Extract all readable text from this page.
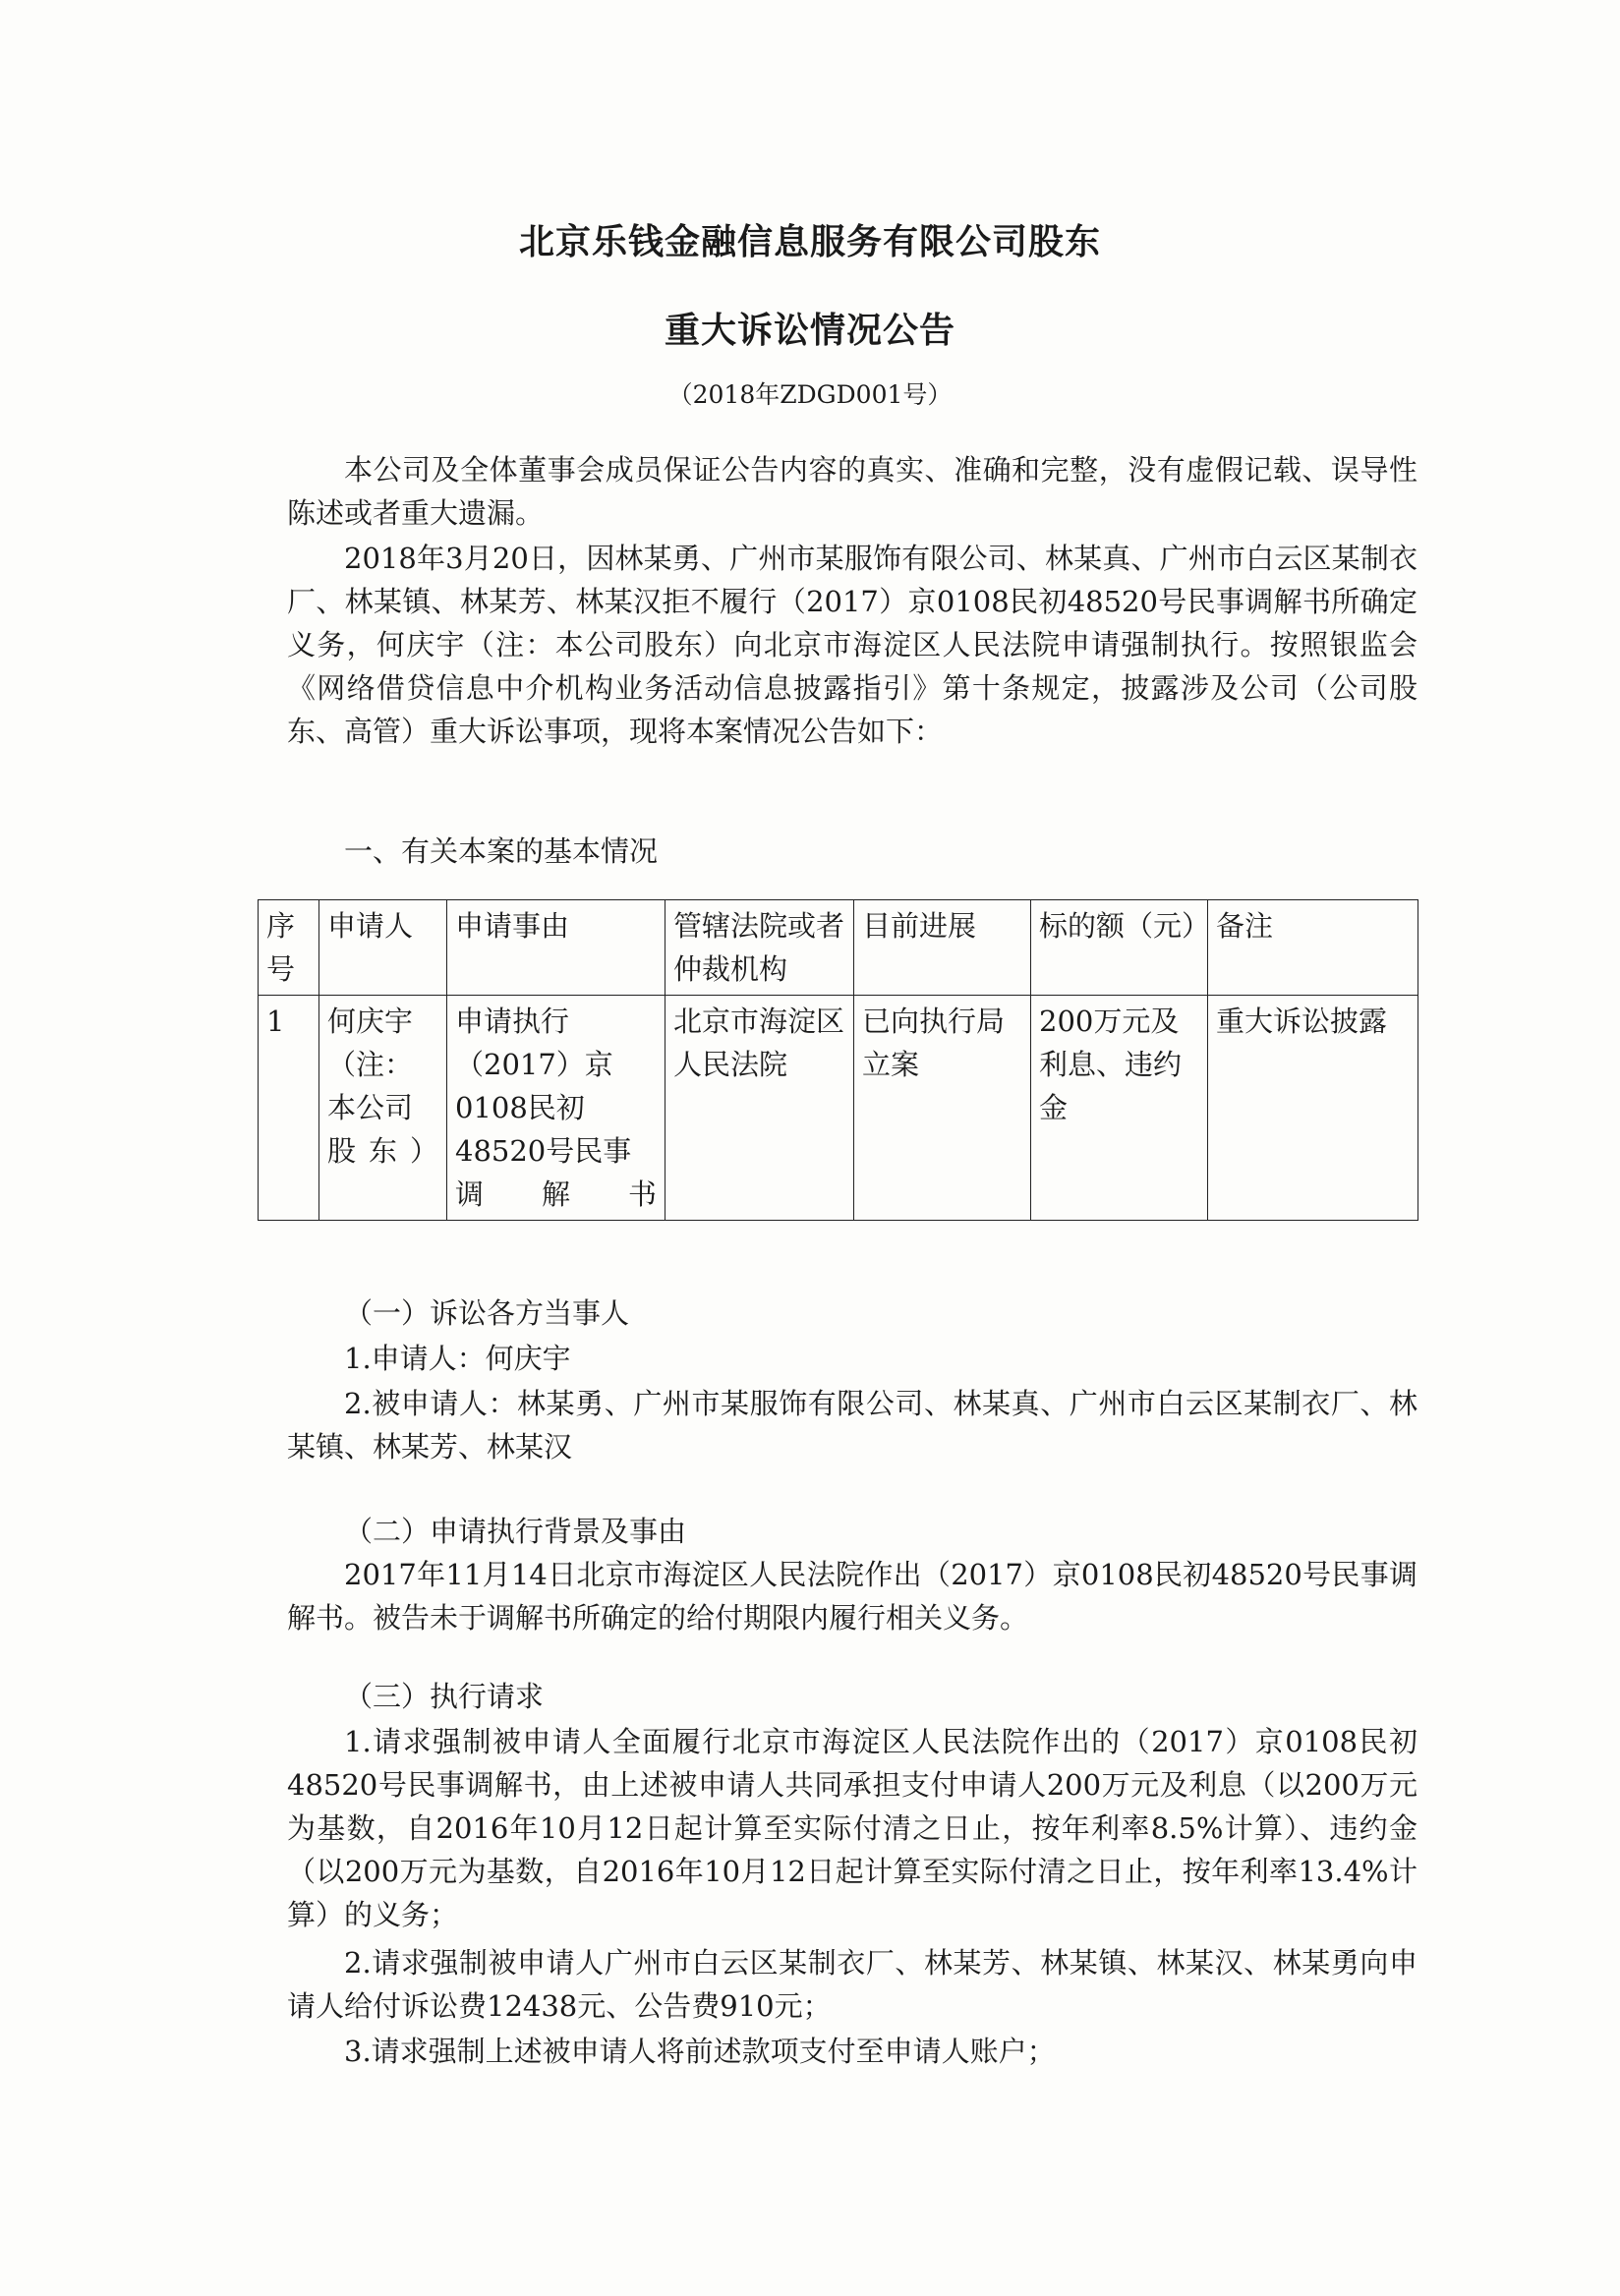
北京乐钱金融信息服务有限公司股东
重大诉讼情况公告
（2018年ZDGD001号）

本公司及全体董事会成员保证公告内容的真实、准确和完整，没有虚假记载、误导性陈述或者重大遗漏。

2018年3月20日，因林某勇、广州市某服饰有限公司、林某真、广州市白云区某制衣厂、林某镇、林某芳、林某汉拒不履行（2017）京0108民初48520号民事调解书所确定义务，何庆宇（注：本公司股东）向北京市海淀区人民法院申请强制执行。按照银监会《网络借贷信息中介机构业务活动信息披露指引》第十条规定，披露涉及公司（公司股东、高管）重大诉讼事项，现将本案情况公告如下：

一、有关本案的基本情况

序号	申请人	申请事由	管辖法院或者仲裁机构	目前进展	标的额（元）	备注
1	何庆宇（注：本公司股东）	申请执行（2017）京0108民初48520号民事调解书	北京市海淀区人民法院	已向执行局立案	200万元及利息、违约金	重大诉讼披露

（一）诉讼各方当事人

1.申请人：何庆宇

2.被申请人：林某勇、广州市某服饰有限公司、林某真、广州市白云区某制衣厂、林某镇、林某芳、林某汉

（二）申请执行背景及事由

2017年11月14日北京市海淀区人民法院作出（2017）京0108民初48520号民事调解书。被告未于调解书所确定的给付期限内履行相关义务。

（三）执行请求

1.请求强制被申请人全面履行北京市海淀区人民法院作出的（2017）京0108民初48520号民事调解书，由上述被申请人共同承担支付申请人200万元及利息（以200万元为基数，自2016年10月12日起计算至实际付清之日止，按年利率8.5%计算）、违约金（以200万元为基数，自2016年10月12日起计算至实际付清之日止，按年利率13.4%计算）的义务；

2.请求强制被申请人广州市白云区某制衣厂、林某芳、林某镇、林某汉、林某勇向申请人给付诉讼费12438元、公告费910元；

3.请求强制上述被申请人将前述款项支付至申请人账户；
